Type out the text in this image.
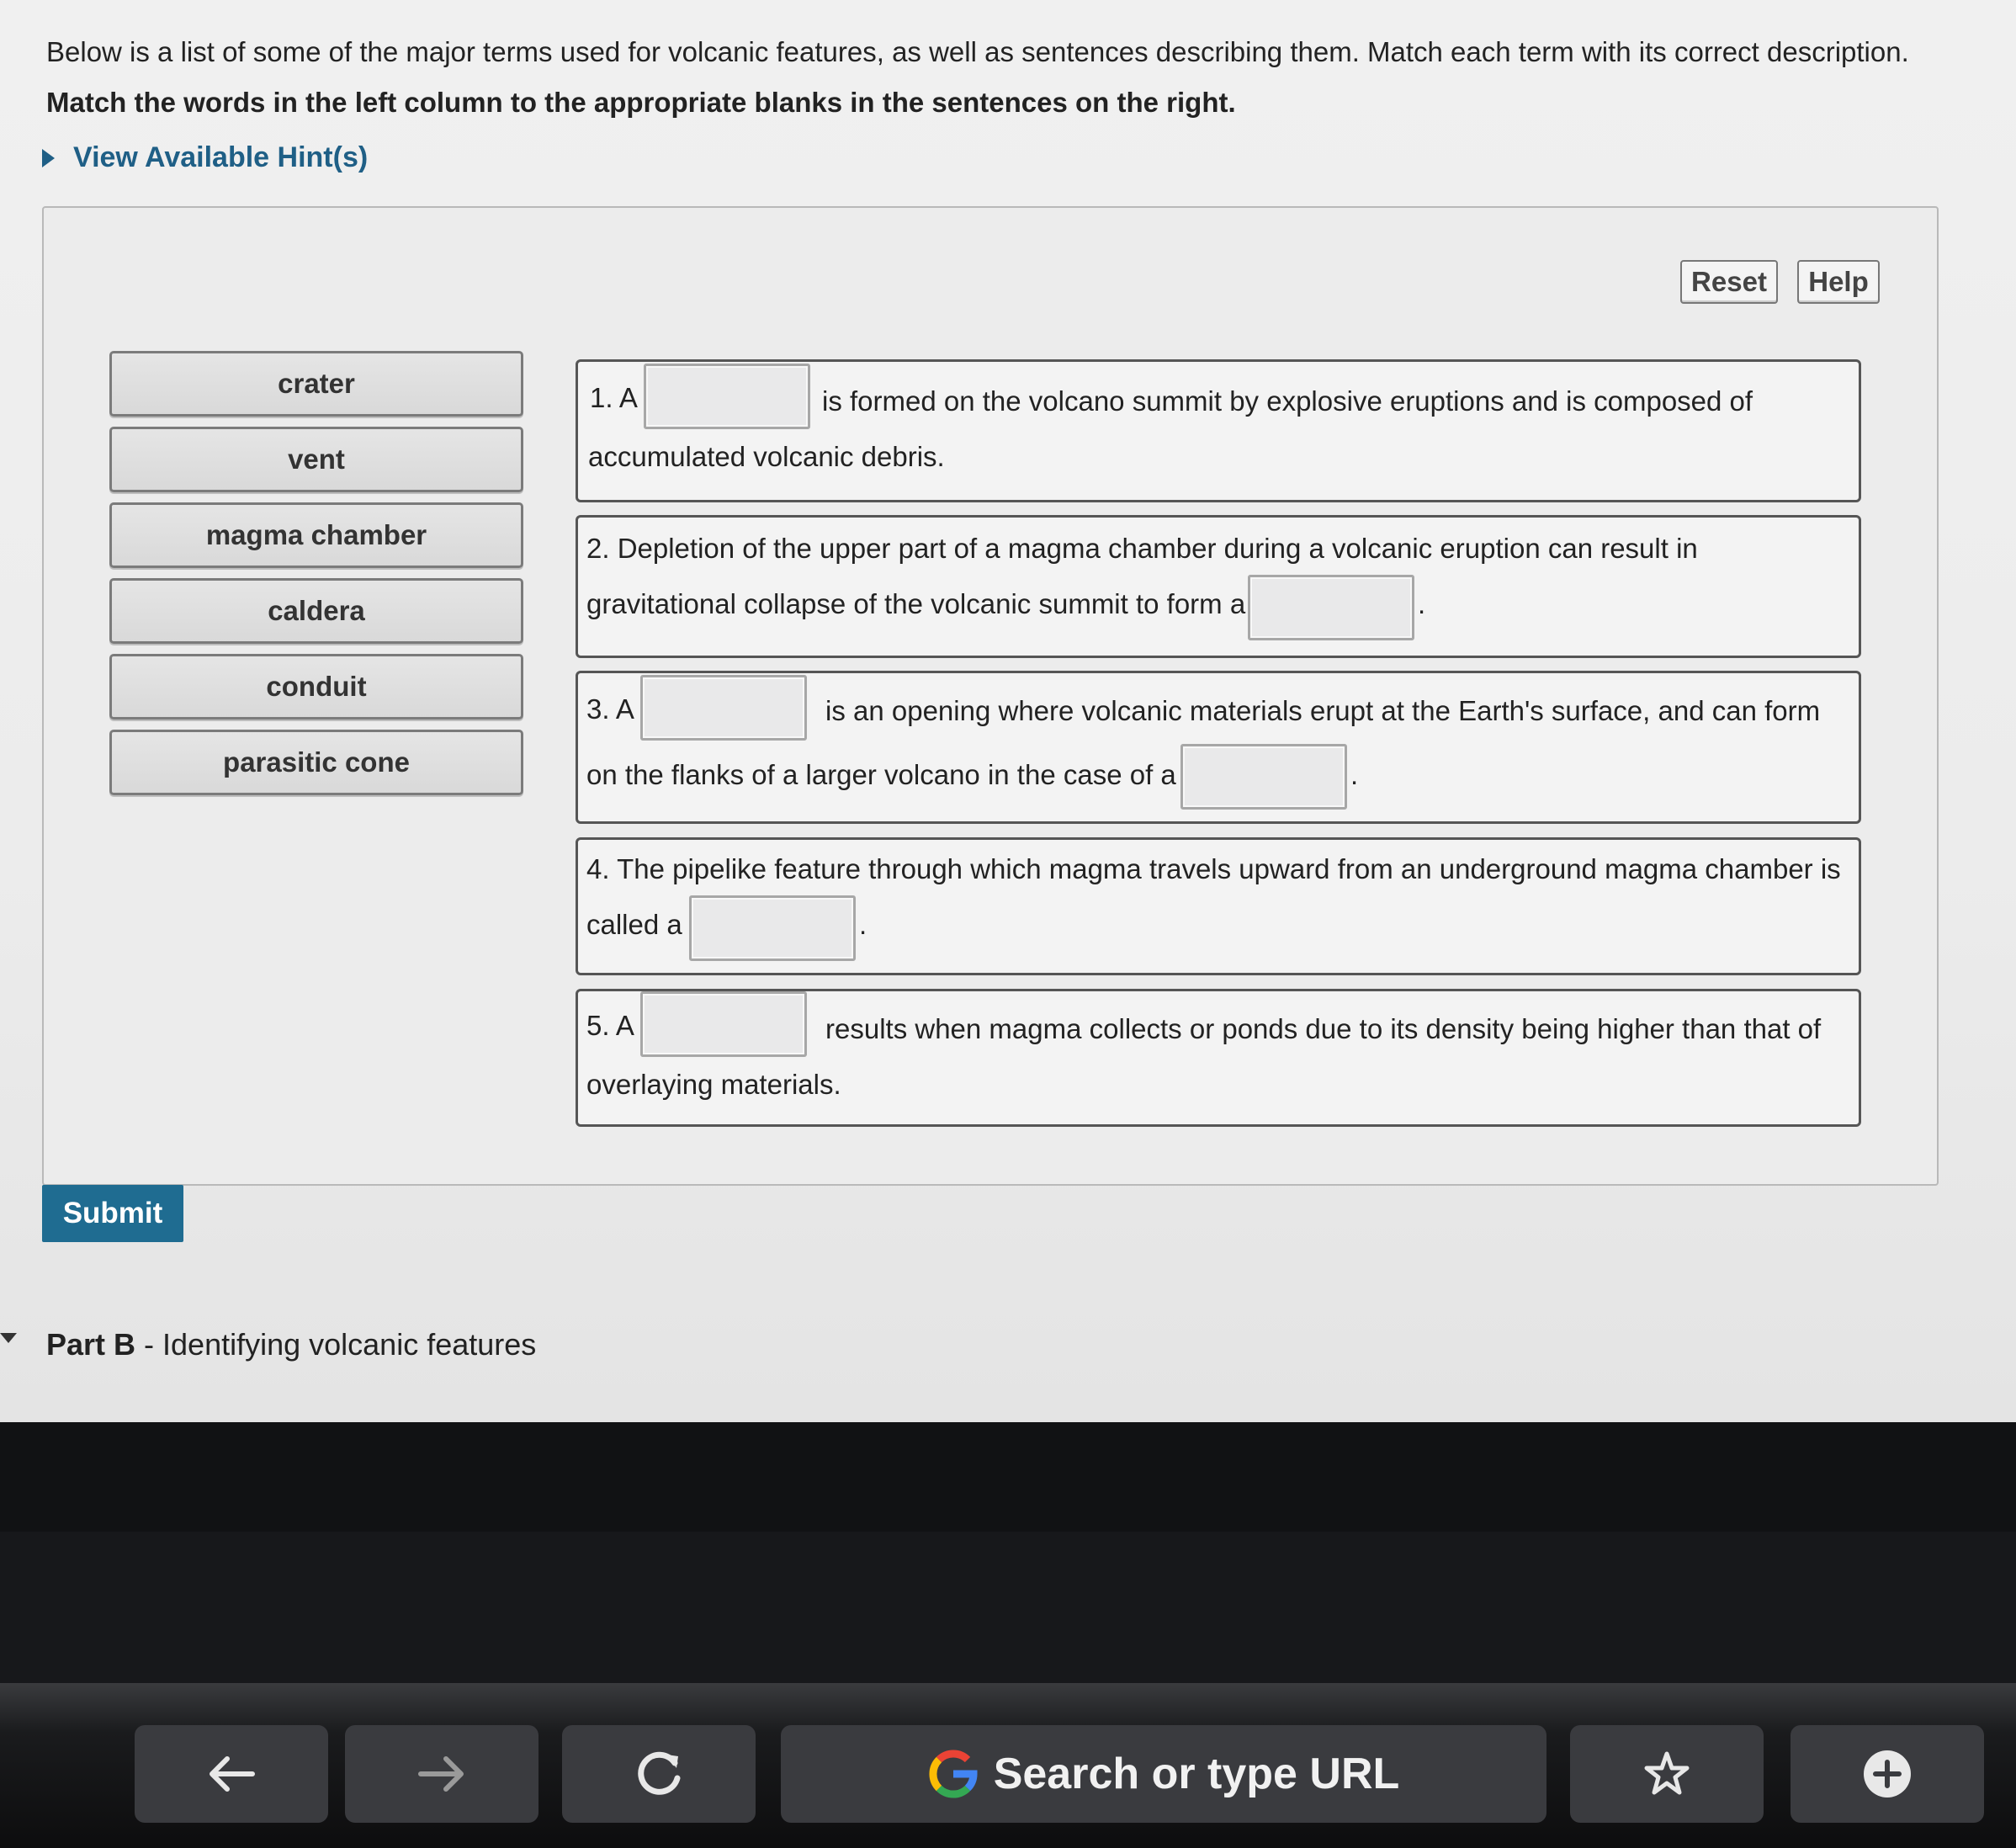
Below is a list of some of the major terms used for volcanic features, as well as sentences describing them. Match each term with its correct description.
Match the words in the left column to the appropriate blanks in the sentences on the right.
View Available Hint(s)
Reset	Help
crater
vent
magma chamber
caldera
conduit
parasitic cone
1. A	is formed on the volcano summit by explosive eruptions and is composed of
accumulated volcanic debris.
2. Depletion of the upper part of a magma chamber during a volcanic eruption can result in
gravitational collapse of the volcanic summit to form a	.
3. A	is an opening where volcanic materials erupt at the Earth's surface, and can form
on the flanks of a larger volcano in the case of a	.
4. The pipelike feature through which magma travels upward from an underground magma chamber is
called a	.
5. A	results when magma collects or ponds due to its density being higher than that of
overlaying materials.
Submit
Part B - Identifying volcanic features
Search or type URL
